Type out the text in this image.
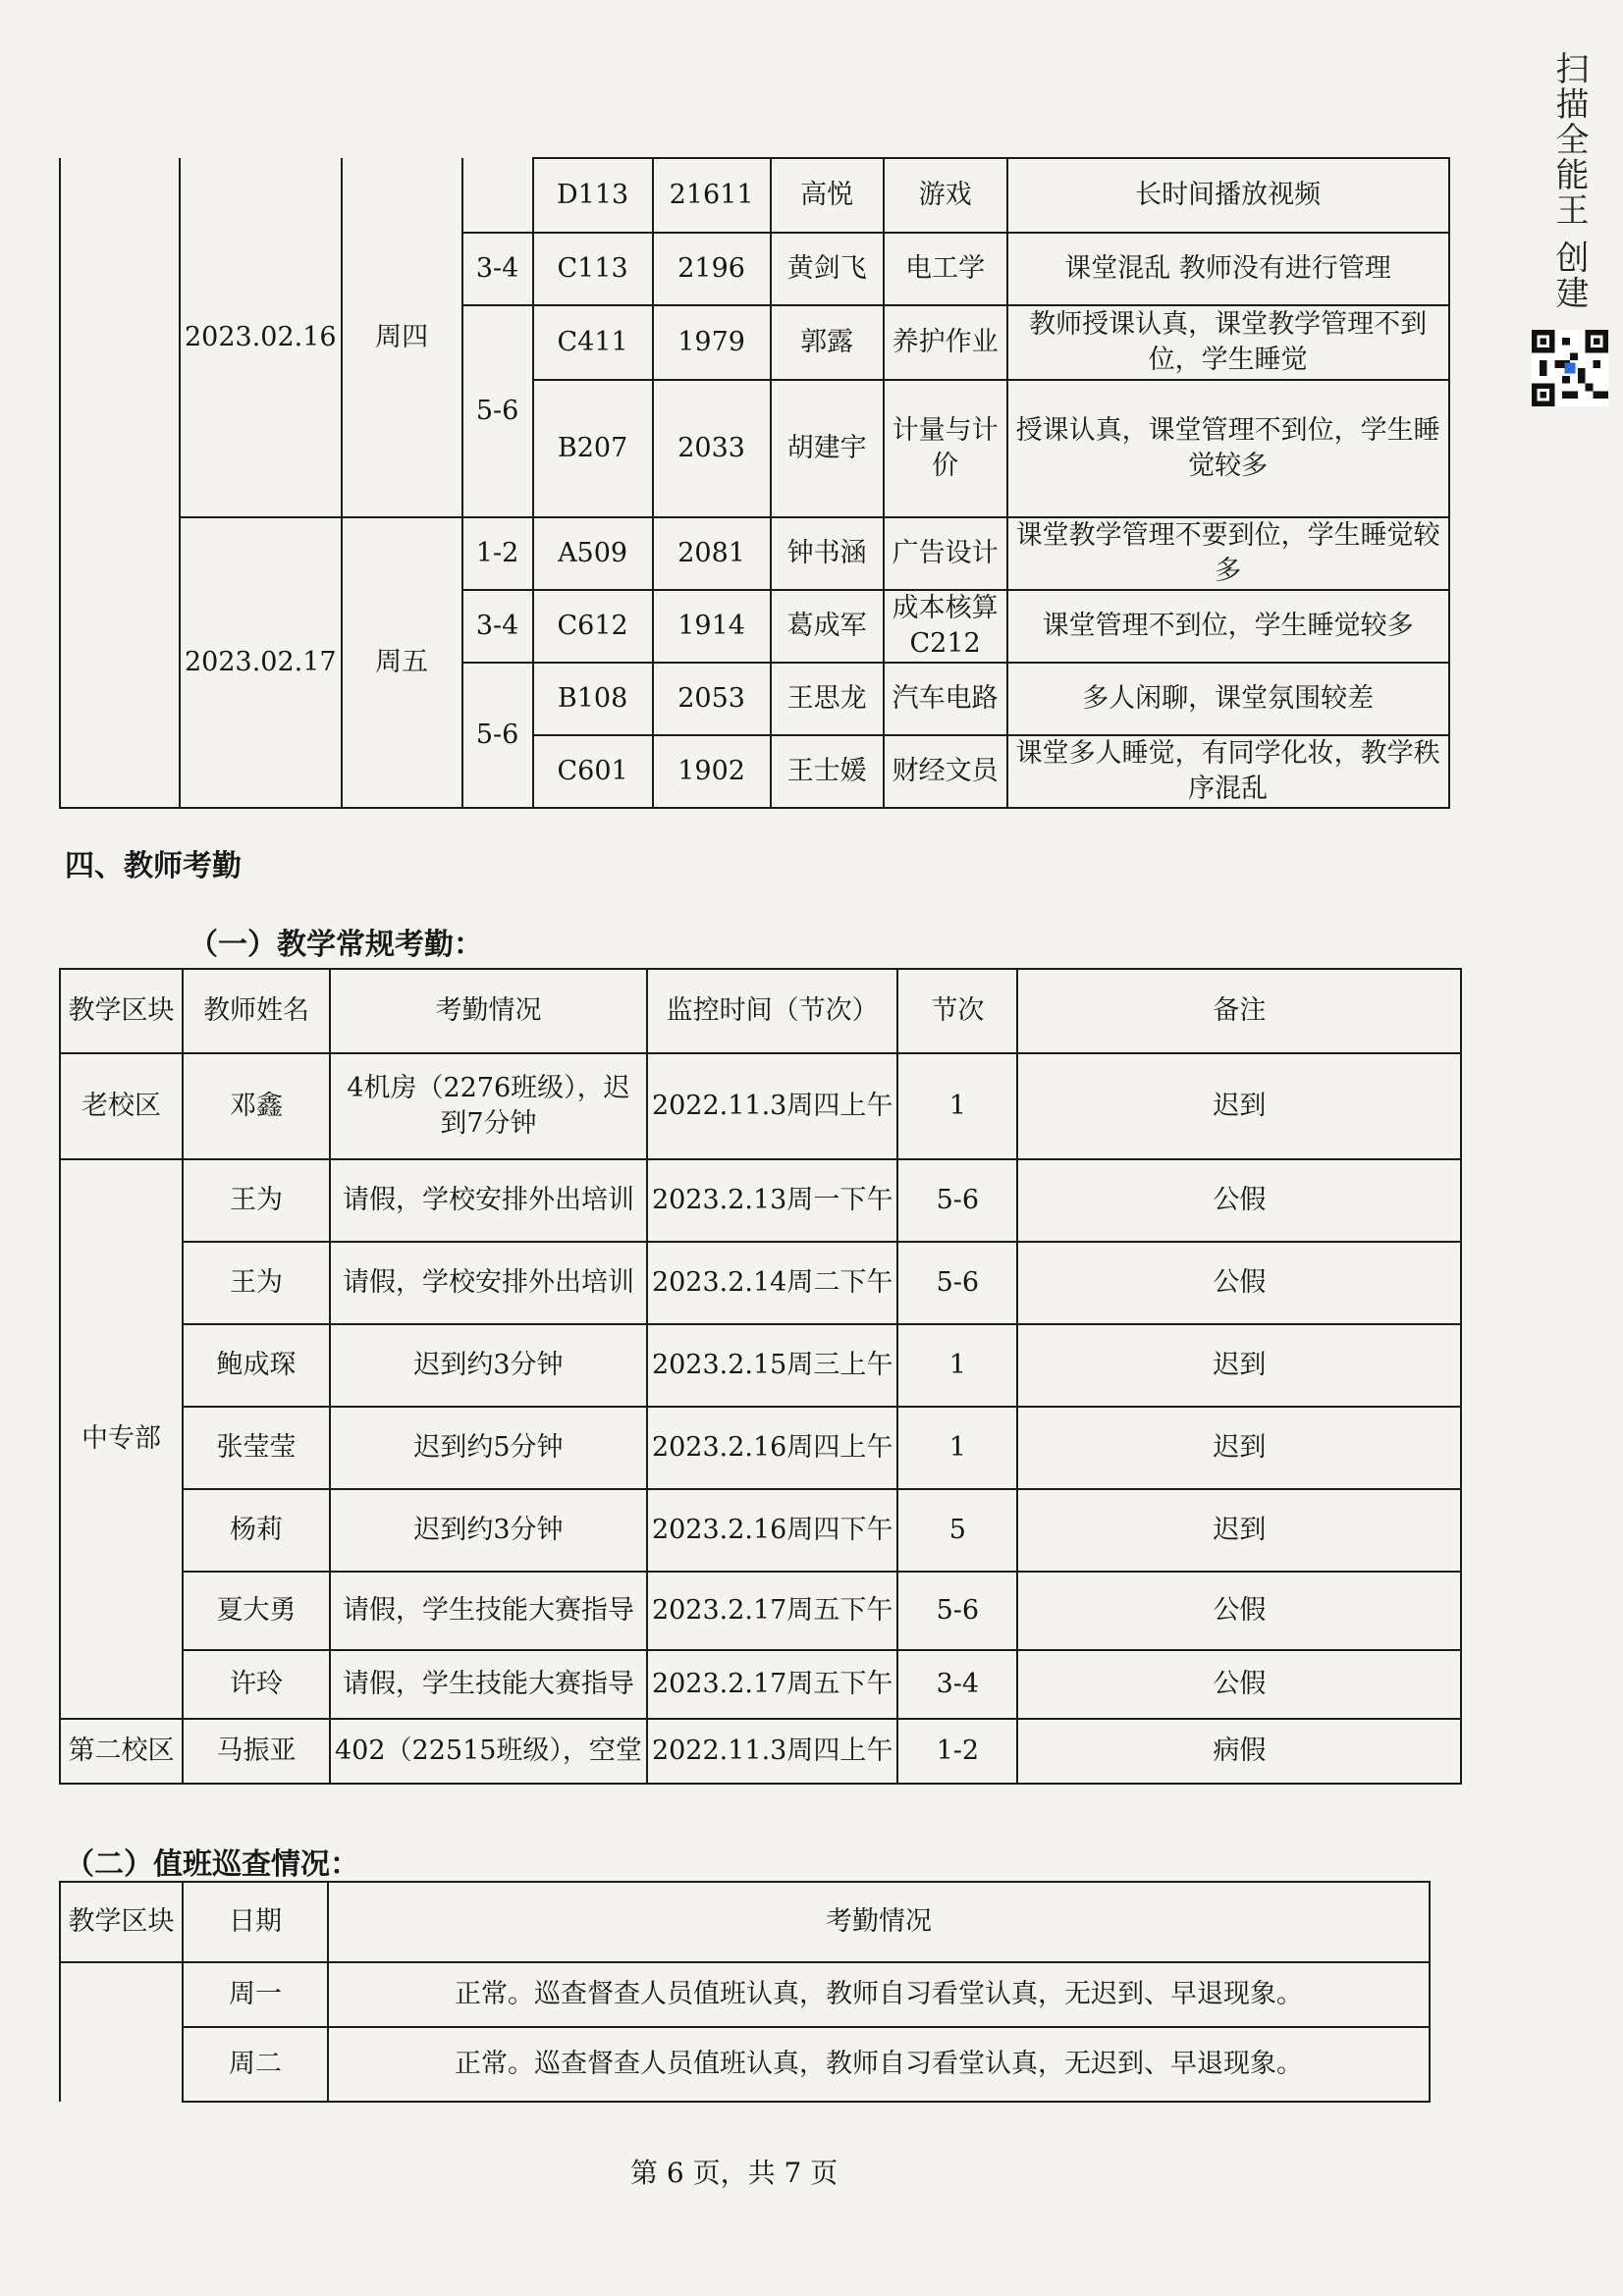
扫描全能王 创建
	2023.02.16	周四		D113	21611	高悦	游戏	长时间播放视频
			3-4	C113	2196	黄剑飞	电工学	课堂混乱 教师没有进行管理
			5-6	C411	1979	郭露	养护作业	教师授课认真，课堂教学管理不到位，学生睡觉
				B207	2033	胡建宇	计量与计价	授课认真，课堂管理不到位，学生睡觉较多
	2023.02.17	周五	1-2	A509	2081	钟书涵	广告设计	课堂教学管理不要到位，学生睡觉较多
			3-4	C612	1914	葛成军	成本核算C212	课堂管理不到位，学生睡觉较多
			5-6	B108	2053	王思龙	汽车电路	多人闲聊，课堂氛围较差
				C601	1902	王士媛	财经文员	课堂多人睡觉，有同学化妆，教学秩序混乱

四、教师考勤
（一）教学常规考勤：
教学区块	教师姓名	考勤情况	监控时间（节次）	节次	备注
老校区	邓鑫	4机房（2276班级），迟到7分钟	2022.11.3周四上午	1	迟到
中专部	王为	请假，学校安排外出培训	2023.2.13周一下午	5-6	公假
	王为	请假，学校安排外出培训	2023.2.14周二下午	5-6	公假
	鲍成琛	迟到约3分钟	2023.2.15周三上午	1	迟到
	张莹莹	迟到约5分钟	2023.2.16周四上午	1	迟到
	杨莉	迟到约3分钟	2023.2.16周四下午	5	迟到
	夏大勇	请假，学生技能大赛指导	2023.2.17周五下午	5-6	公假
	许玲	请假，学生技能大赛指导	2023.2.17周五下午	3-4	公假
第二校区	马振亚	402（22515班级），空堂	2022.11.3周四上午	1-2	病假
（二）值班巡查情况：
教学区块	日期	考勤情况
	周一	正常。巡查督查人员值班认真，教师自习看堂认真，无迟到、早退现象。
	周二	正常。巡查督查人员值班认真，教师自习看堂认真，无迟到、早退现象。
第 6 页，共 7 页
